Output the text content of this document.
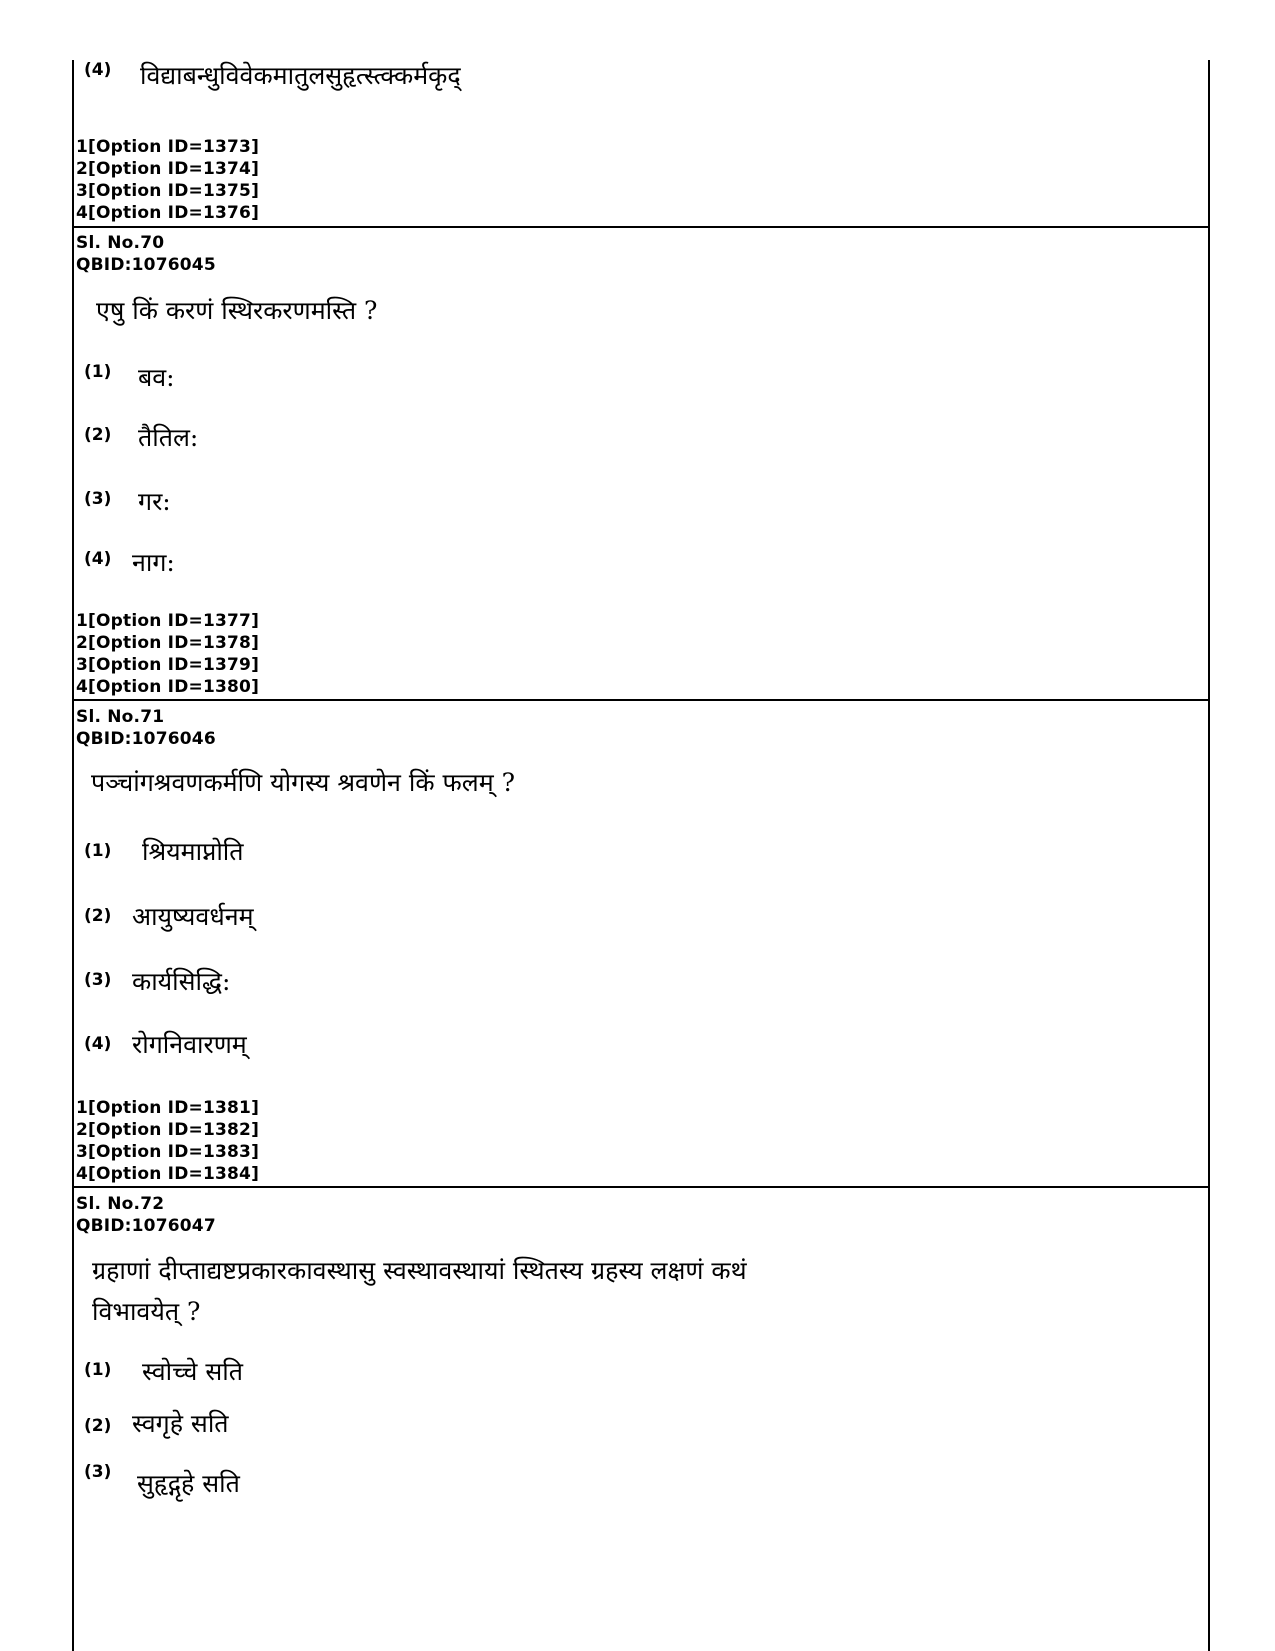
(4) विद्याबन्धुविवेकमातुलसुहृत्स्त्क्कर्मकृद्
1[Option ID=1373]
2[Option ID=1374]
3[Option ID=1375]
4[Option ID=1376]
Sl. No.70
QBID:1076045
एषु किं करणं स्थिरकरणमस्ति ?
(1) बव:
(2) तैतिल:
(3) गर:
(4) नाग:
1[Option ID=1377]
2[Option ID=1378]
3[Option ID=1379]
4[Option ID=1380]
Sl. No.71
QBID:1076046
पञ्चांगश्रवणकर्मणि योगस्य श्रवणेन किं फलम् ?
(1) श्रियमाप्नोति
(2) आयुष्यवर्धनम्
(3) कार्यसिद्धि:
(4) रोगनिवारणम्
1[Option ID=1381]
2[Option ID=1382]
3[Option ID=1383]
4[Option ID=1384]
Sl. No.72
QBID:1076047
ग्रहाणां दीप्ताद्यष्टप्रकारकावस्थासु स्वस्थावस्थायां स्थितस्य ग्रहस्य लक्षणं कथं
विभावयेत् ?
(1) स्वोच्चे सति
(2) स्वगृहे सति
(3) सुहृद्गृहे सति
